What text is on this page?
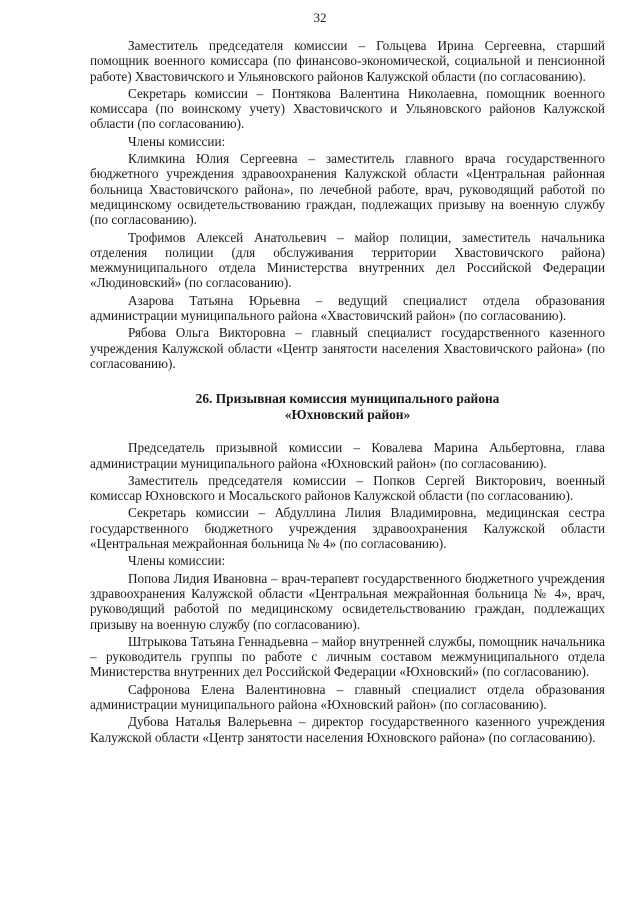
32

Заместитель председателя комиссии – Гольцева Ирина Сергеевна, старший помощник военного комиссара (по финансово-экономической, социальной и пенсионной работе) Хвастовичского и Ульяновского районов Калужской области (по согласованию).

Секретарь комиссии – Понтякова Валентина Николаевна, помощник военного комиссара (по воинскому учету) Хвастовичского и Ульяновского районов Калужской области (по согласованию).

Члены комиссии:

Климкина Юлия Сергеевна – заместитель главного врача государственного бюджетного учреждения здравоохранения Калужской области «Центральная районная больница Хвастовичского района», по лечебной работе, врач, руководящий работой по медицинскому освидетельствованию граждан, подлежащих призыву на военную службу (по согласованию).

Трофимов Алексей Анатольевич – майор полиции, заместитель начальника отделения полиции (для обслуживания территории Хвастовичского района) межмуниципального отдела Министерства внутренних дел Российской Федерации «Людиновский» (по согласованию).

Азарова Татьяна Юрьевна – ведущий специалист отдела образования администрации муниципального района «Хвастовичский район» (по согласованию).

Рябова Ольга Викторовна – главный специалист государственного казенного учреждения Калужской области «Центр занятости населения Хвастовичского района» (по согласованию).

26. Призывная комиссия муниципального района
«Юхновский район»

Председатель призывной комиссии – Ковалева Марина Альбертовна, глава администрации муниципального района «Юхновский район» (по согласованию).

Заместитель председателя комиссии – Попков Сергей Викторович, военный комиссар Юхновского и Мосальского районов Калужской области (по согласованию).

Секретарь комиссии – Абдуллина Лилия Владимировна, медицинская сестра государственного бюджетного учреждения здравоохранения Калужской области «Центральная межрайонная больница № 4» (по согласованию).

Члены комиссии:

Попова Лидия Ивановна – врач-терапевт государственного бюджетного учреждения здравоохранения Калужской области «Центральная межрайонная больница № 4», врач, руководящий работой по медицинскому освидетельствованию граждан, подлежащих призыву на военную службу (по согласованию).

Штрыкова Татьяна Геннадьевна – майор внутренней службы, помощник начальника – руководитель группы по работе с личным составом межмуниципального отдела Министерства внутренних дел Российской Федерации «Юхновский» (по согласованию).

Сафронова Елена Валентиновна – главный специалист отдела образования администрации муниципального района «Юхновский район» (по согласованию).

Дубова Наталья Валерьевна – директор государственного казенного учреждения Калужской области «Центр занятости населения Юхновского района» (по согласованию).
